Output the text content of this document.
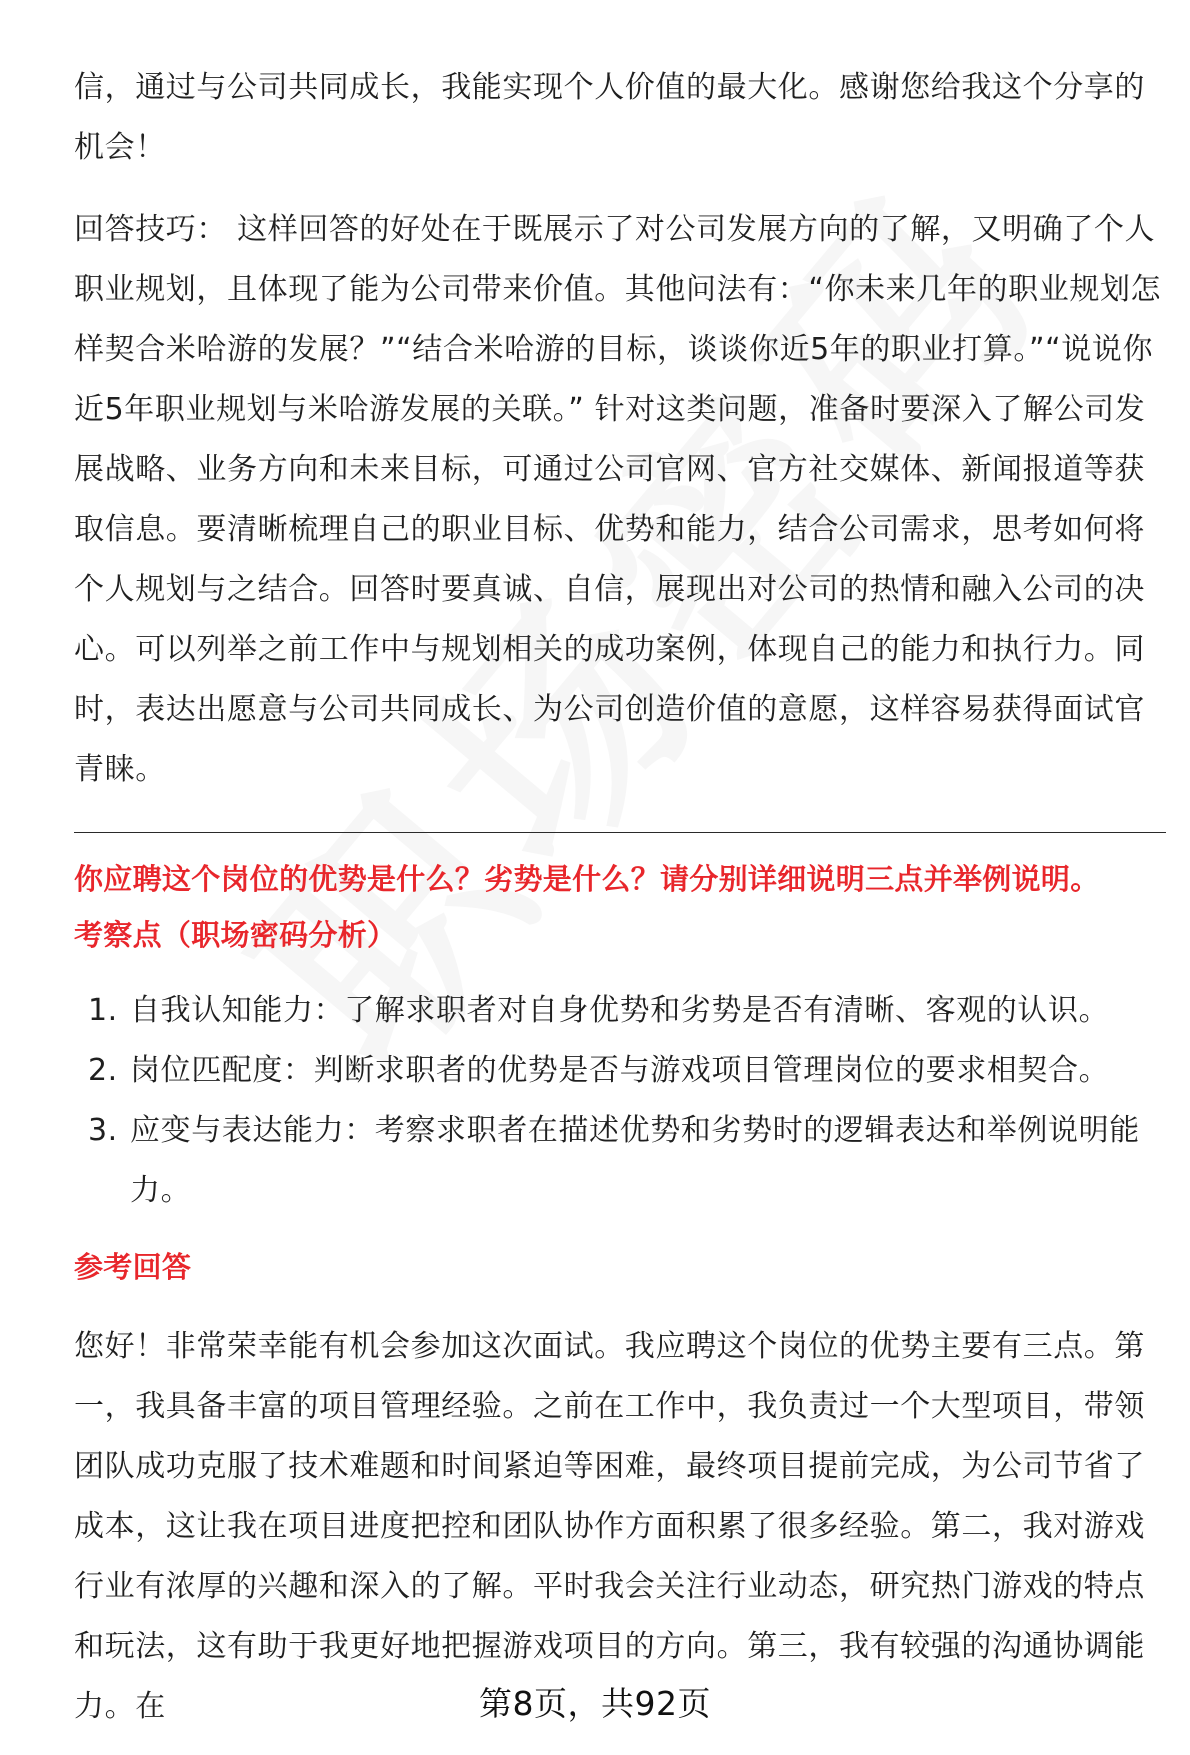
信，通过与公司共同成长，我能实现个人价值的最大化。感谢您给我这个分享的机会！

回答技巧： 这样回答的好处在于既展示了对公司发展方向的了解，又明确了个人职业规划，且体现了能为公司带来价值。其他问法有：“你未来几年的职业规划怎样契合米哈游的发展？”“结合米哈游的目标，谈谈你近5年的职业打算。”“说说你近5年职业规划与米哈游发展的关联。” 针对这类问题，准备时要深入了解公司发展战略、业务方向和未来目标，可通过公司官网、官方社交媒体、新闻报道等获取信息。要清晰梳理自己的职业目标、优势和能力，结合公司需求，思考如何将个人规划与之结合。回答时要真诚、自信，展现出对公司的热情和融入公司的决心。可以列举之前工作中与规划相关的成功案例，体现自己的能力和执行力。同时，表达出愿意与公司共同成长、为公司创造价值的意愿，这样容易获得面试官青睐。

你应聘这个岗位的优势是什么？劣势是什么？请分别详细说明三点并举例说明。

考察点（职场密码分析）

1. 自我认知能力：了解求职者对自身优势和劣势是否有清晰、客观的认识。
2. 岗位匹配度：判断求职者的优势是否与游戏项目管理岗位的要求相契合。
3. 应变与表达能力：考察求职者在描述优势和劣势时的逻辑表达和举例说明能力。

参考回答

您好！非常荣幸能有机会参加这次面试。我应聘这个岗位的优势主要有三点。第一，我具备丰富的项目管理经验。之前在工作中，我负责过一个大型项目，带领团队成功克服了技术难题和时间紧迫等困难，最终项目提前完成，为公司节省了成本，这让我在项目进度把控和团队协作方面积累了很多经验。第二，我对游戏行业有浓厚的兴趣和深入的了解。平时我会关注行业动态，研究热门游戏的特点和玩法，这有助于我更好地把握游戏项目的方向。第三，我有较强的沟通协调能力。在	第8页，共92页
